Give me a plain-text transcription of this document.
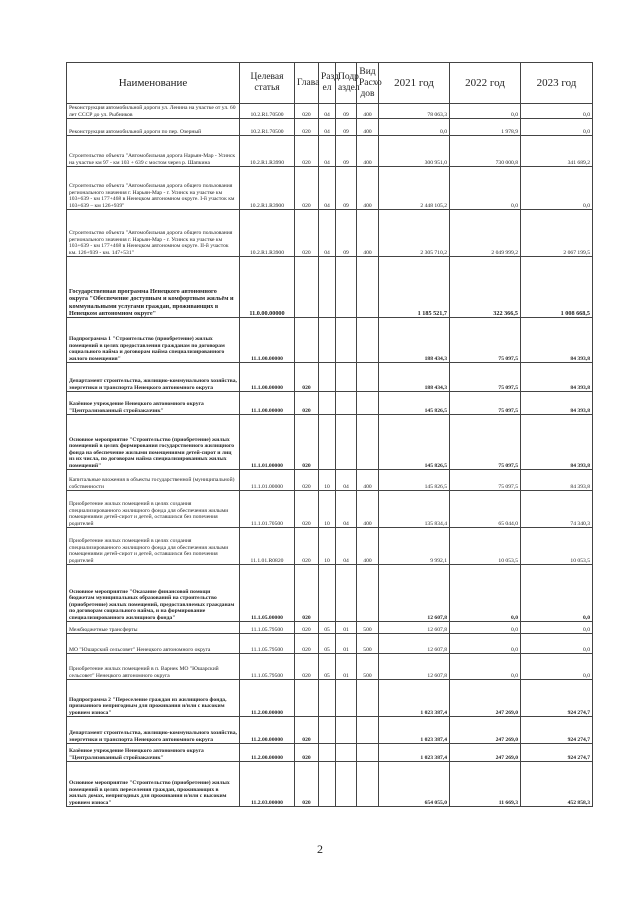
Наименование	Целевая статья	Глава	Разд ел	Подр аздел	Вид Расхо дов	2021 год	2022 год	2023 год
Реконструкция автомобильной дороги ул. Ленина на участке от ул. 60 лет СССР до ул. Рыбников	10.2.R1.70500	020	04	09	400	78 063,3	0,0	0,0
Реконструкция автомобильной дороги по пер. Озерный	10.2.R1.70500	020	04	09	400	0,0	1 978,9	0,0
Строительство объекта "Автомобильная дорога Нарьян-Мар - Усинск на участке км 97 - км 103 + 639 с мостом через р. Шапкина	10.2.R1.R3990	020	04	09	400	300 951,0	730 000,8	341 689,2
Строительство объекта "Автомобильная дорога общего пользования регионального значения г. Нарьян-Мар - г. Усинск на участке км 103+639 - км 177+468 в Ненецком автономном округе. I-й участок км 103+639 – км 126+939"	10.2.R1.R3900	020	04	09	400	2 448 105,2	0,0	0,0
Строительство объекта "Автомобильная дорога общего пользования регионального значения г. Нарьян-Мар - г. Усинск на участке км 103+639 - км 177+468 в Ненецком автономном округе. II-й участок км. 126+939 - км. 147+531"	10.2.R1.R3900	020	04	09	400	2 305 710,2	2 049 999,2	2 067 199,5
Государственная программа Ненецкого автономного округа "Обеспечение доступным и комфортным жильём и коммунальными услугами граждан, проживающих в Ненецком автономном округе"	11.0.00.00000					1 185 521,7	322 366,5	1 008 668,5
Подпрограмма 1 "Строительство (приобретение) жилых помещений в целях предоставления гражданам по договорам социального найма и договорам найма специализированного жилого помещения"	11.1.00.00000					188 434,3	75 097,5	84 393,8
Департамент строительства, жилищно-коммунального хозяйства, энергетики и транспорта Ненецкого автономного округа	11.1.00.00000	020				188 434,3	75 097,5	84 393,8
Казённое учреждение Ненецкого автономного округа "Централизованный стройзаказчик"	11.1.00.00000	020				145 826,5	75 097,5	84 393,8
Основное мероприятие "Строительство (приобретение) жилых помещений в целях формирования государственного жилищного фонда на обеспечение жилыми помещениями детей-сирот и лиц из их числа, по договорам найма специализированных жилых помещений"	11.1.01.00000	020				145 826,5	75 097,5	84 393,8
Капитальные вложения в объекты государственной (муниципальной) собственности	11.1.01.00000	020	10	04	400	145 826,5	75 097,5	84 393,8
Приобретение жилых помещений в целях создания специализированного жилищного фонда для обеспечения жилыми помещениями детей-сирот и детей, оставшихся без попечения родителей	11.1.01.70500	020	10	04	400	135 834,4	65 044,0	74 340,3
Приобретение жилых помещений в целях создания специализированного жилищного фонда для обеспечения жилыми помещениями детей-сирот и детей, оставшихся без попечения родителей	11.1.01.R0820	020	10	04	400	9 992,1	10 053,5	10 053,5
Основное мероприятие "Оказание финансовой помощи бюджетам муниципальных образований на строительство (приобретение) жилых помещений, предоставляемых гражданам по договорам социального найма, и на формирование специализированного жилищного фонда"	11.1.05.00000	020				12 607,8	0,0	0,0
Межбюджетные трансферты	11.1.05.79500	020	05	01	500	12 607,8	0,0	0,0
МО "Юшарский сельсовет" Ненецкого автономного округа	11.1.05.79500	020	05	01	500	12 607,8	0,0	0,0
Приобретение жилых помещений в п. Варнек МО "Юшарский сельсовет" Ненецкого автономного округа	11.1.05.79500	020	05	01	500	12 607,8	0,0	0,0
Подпрограмма 2 "Переселение граждан из жилищного фонда, признанного непригодным для проживания и/или с высоким уровнем износа"	11.2.00.00000					1 023 387,4	247 269,0	924 274,7
Департамент строительства, жилищно-коммунального хозяйства, энергетики и транспорта Ненецкого автономного округа	11.2.00.00000	020				1 023 387,4	247 269,0	924 274,7
Казённое учреждение Ненецкого автономного округа "Централизованный стройзаказчик"	11.2.00.00000	020				1 023 387,4	247 269,0	924 274,7
Основное мероприятие "Строительство (приобретение) жилых помещений в целях переселения граждан, проживающих в жилых домах, непригодных для проживания и/или с высоким уровнем износа"	11.2.03.00000	020				654 055,0	11 669,3	452 858,3
2
